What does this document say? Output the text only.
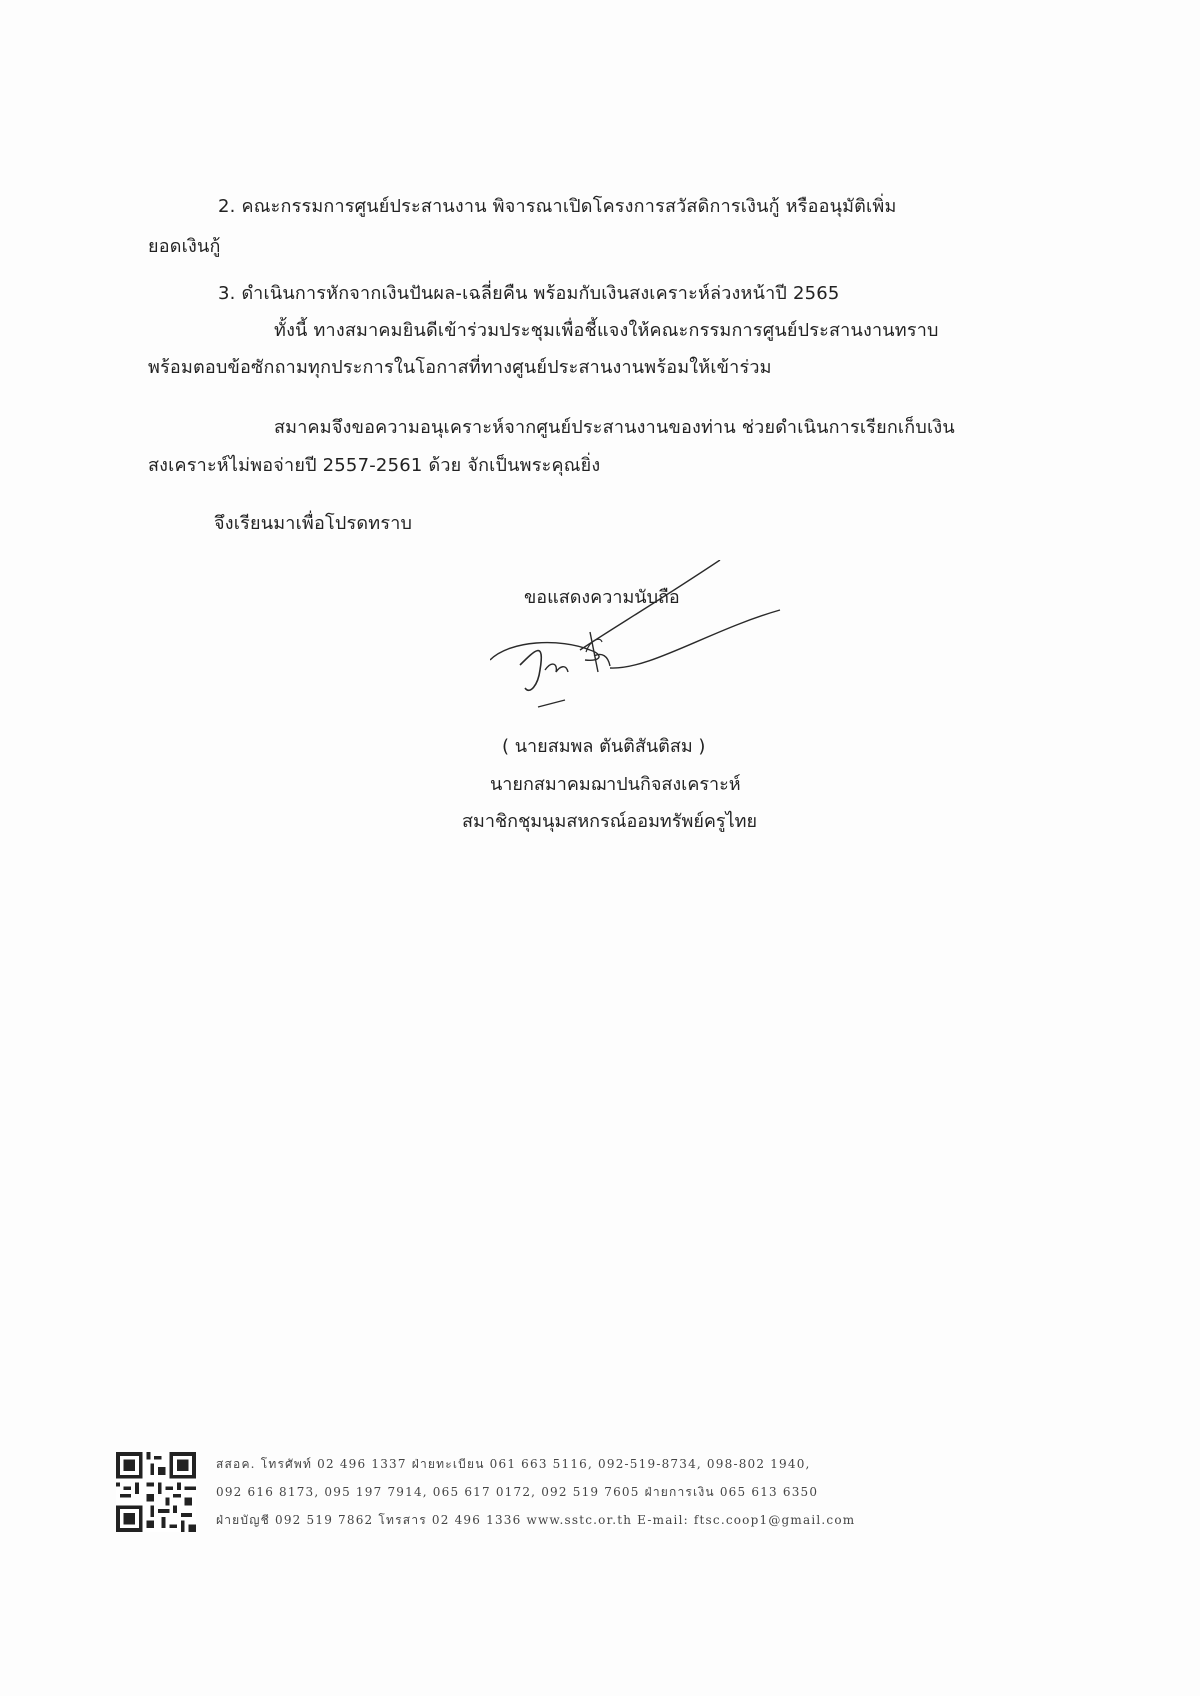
2. คณะกรรมการศูนย์ประสานงาน พิจารณาเปิดโครงการสวัสดิการเงินกู้ หรืออนุมัติเพิ่ม
ยอดเงินกู้
3. ดำเนินการหักจากเงินปันผล-เฉลี่ยคืน พร้อมกับเงินสงเคราะห์ล่วงหน้าปี 2565
ทั้งนี้ ทางสมาคมยินดีเข้าร่วมประชุมเพื่อชี้แจงให้คณะกรรมการศูนย์ประสานงานทราบ
พร้อมตอบข้อซักถามทุกประการในโอกาสที่ทางศูนย์ประสานงานพร้อมให้เข้าร่วม
สมาคมจึงขอความอนุเคราะห์จากศูนย์ประสานงานของท่าน ช่วยดำเนินการเรียกเก็บเงิน
สงเคราะห์ไม่พอจ่ายปี 2557-2561 ด้วย จักเป็นพระคุณยิ่ง
จึงเรียนมาเพื่อโปรดทราบ
ขอแสดงความนับถือ
( นายสมพล ตันติสันติสม )
นายกสมาคมฌาปนกิจสงเคราะห์
สมาชิกชุมนุมสหกรณ์ออมทรัพย์ครูไทย
สสอค. โทรศัพท์ 02 496 1337 ฝ่ายทะเบียน 061 663 5116, 092-519-8734, 098-802 1940,
092 616 8173, 095 197 7914, 065 617 0172, 092 519 7605 ฝ่ายการเงิน 065 613 6350
ฝ่ายบัญชี 092 519 7862 โทรสาร 02 496 1336 www.sstc.or.th E-mail: ftsc.coop1@gmail.com
